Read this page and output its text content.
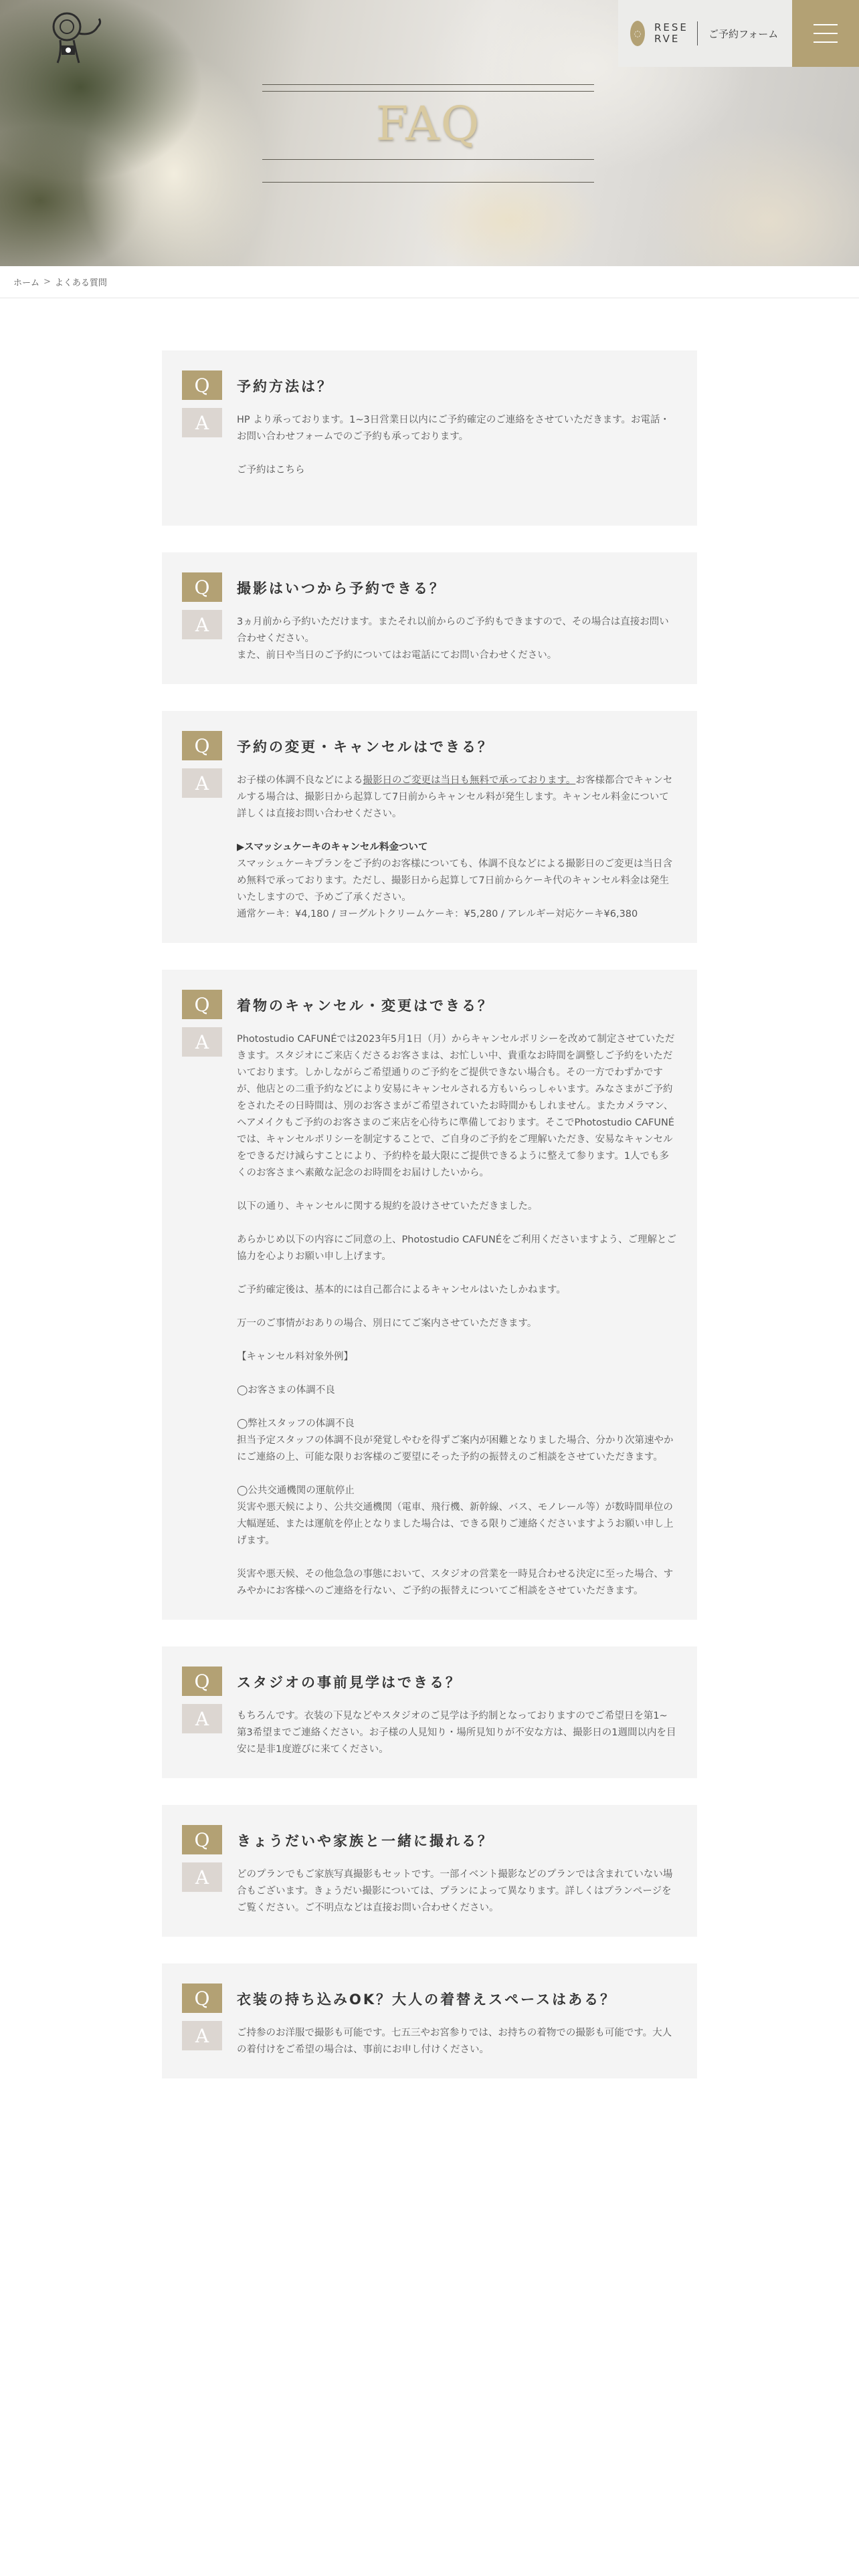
FAQ
◌	RESE RVE	ご予約フォーム
ホーム > よくある質問
Q	予約方法は？
A	HP より承っております。1~3日営業日以内にご予約確定のご連絡をさせていただきます。お電話・お問い合わせフォームでのご予約も承っております。

ご予約はこちら

Q	撮影はいつから予約できる？
A	3ヵ月前から予約いただけます。またそれ以前からのご予約もできますので、その場合は直接お問い合わせください。

また、前日や当日のご予約についてはお電話にてお問い合わせください。

Q	予約の変更・キャンセルはできる？
A	お子様の体調不良などによる撮影日のご変更は当日も無料で承っております。お客様都合でキャンセルする場合は、撮影日から起算して7日前からキャンセル料が発生します。キャンセル料金について詳しくは直接お問い合わせください。

▶スマッシュケーキのキャンセル料金ついて

スマッシュケーキプランをご予約のお客様についても、体調不良などによる撮影日のご変更は当日含め無料で承っております。ただし、撮影日から起算して7日前からケーキ代のキャンセル料金は発生いたしますので、予めご了承ください。

通常ケーキ：¥4,180 / ヨーグルトクリームケーキ：¥5,280 / アレルギー対応ケーキ¥6,380

Q	着物のキャンセル・変更はできる？
A	Photostudio CAFUNÉでは2023年5月1日（月）からキャンセルポリシーを改めて制定させていただきます。スタジオにご来店くださるお客さまは、お忙しい中、貴重なお時間を調整しご予約をいただいております。しかしながらご希望通りのご予約をご提供できない場合も。その一方でわずかですが、他店との二重予約などにより安易にキャンセルされる方もいらっしゃいます。みなさまがご予約をされたその日時間は、別のお客さまがご希望されていたお時間かもしれません。またカメラマン、ヘアメイクもご予約のお客さまのご来店を心待ちに準備しております。そこでPhotostudio CAFUNÉでは、キャンセルポリシーを制定することで、ご自身のご予約をご理解いただき、安易なキャンセルをできるだけ減らすことにより、予約枠を最大限にご提供できるように整えて参ります。1人でも多くのお客さまへ素敵な記念のお時間をお届けしたいから。

以下の通り、キャンセルに関する規約を設けさせていただきました。

あらかじめ以下の内容にご同意の上、Photostudio CAFUNÉをご利用くださいますよう、ご理解とご協力を心よりお願い申し上げます。

ご予約確定後は、基本的には自己都合によるキャンセルはいたしかねます。

万一のご事情がおありの場合、別日にてご案内させていただきます。

【キャンセル料対象外例】

◯お客さまの体調不良

◯弊社スタッフの体調不良

担当予定スタッフの体調不良が発覚しやむを得ずご案内が困難となりました場合、分かり次第速やかにご連絡の上、可能な限りお客様のご要望にそった予約の振替えのご相談をさせていただきます。

◯公共交通機関の運航停止

災害や悪天候により、公共交通機関（電車、飛行機、新幹線、バス、モノレール等）が数時間単位の大幅遅延、または運航を停止となりました場合は、できる限りご連絡くださいますようお願い申し上げます。

災害や悪天候、その他急急の事態において、スタジオの営業を一時見合わせる決定に至った場合、すみやかにお客様へのご連絡を行ない、ご予約の振替えについてご相談をさせていただきます。

Q	スタジオの事前見学はできる？
A	もちろんです。衣装の下見などやスタジオのご見学は予約制となっておりますのでご希望日を第1~第3希望までご連絡ください。お子様の人見知り・場所見知りが不安な方は、撮影日の1週間以内を目安に是非1度遊びに来てください。

Q	きょうだいや家族と一緒に撮れる？
A	どのプランでもご家族写真撮影もセットです。一部イベント撮影などのプランでは含まれていない場合もございます。きょうだい撮影については、プランによって異なります。詳しくはプランページをご覧ください。ご不明点などは直接お問い合わせください。

Q	衣装の持ち込みOK？大人の着替えスペースはある？
A	ご持参のお洋服で撮影も可能です。七五三やお宮参りでは、お持ちの着物での撮影も可能です。大人の着付けをご希望の場合は、事前にお申し付けください。
